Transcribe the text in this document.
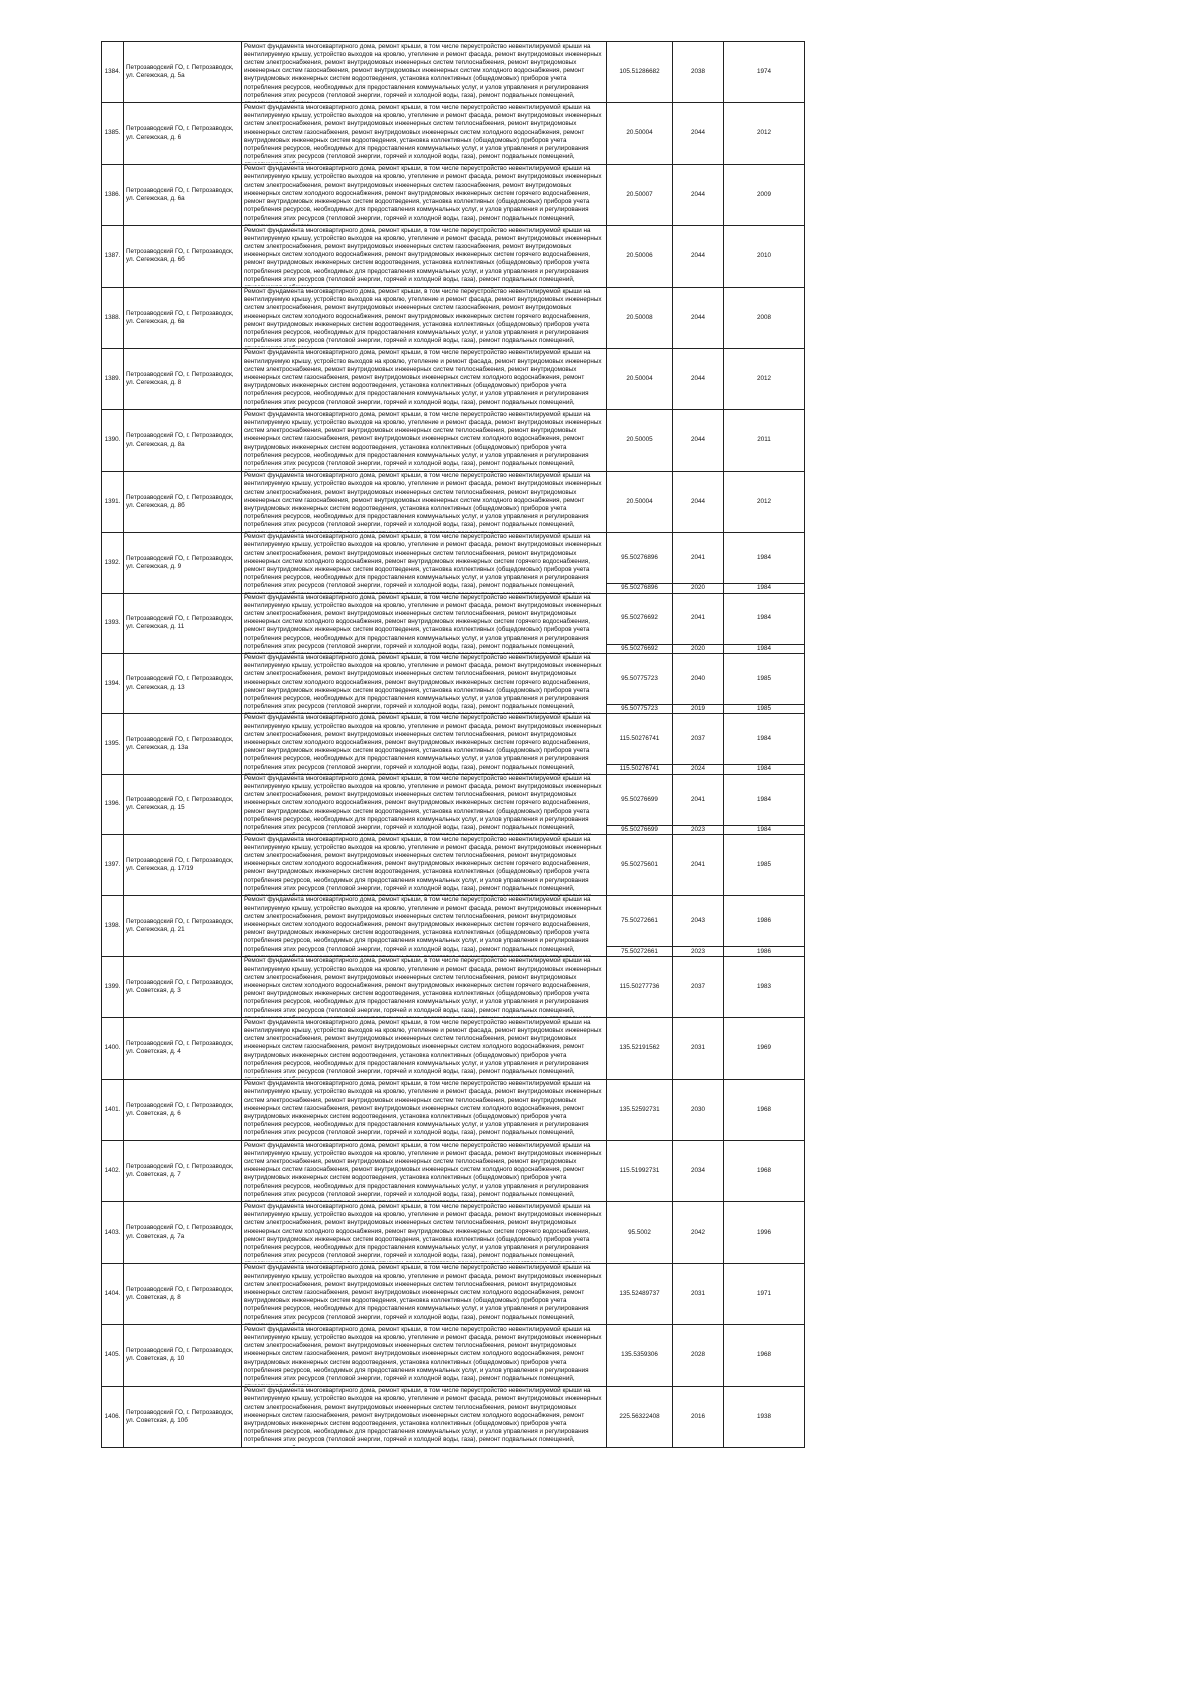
1384.	Петрозаводский ГО, г. Петрозаводск, ул. Сегежская, д. 5а	Ремонт фундамента многоквартирного дома, ремонт крыши, в том числе переустройство невентилируемой крыши на вентилируемую крышу, устройство выходов на кровлю, утепление и ремонт фасада, ремонт внутридомовых инженерных систем электроснабжения, ремонт внутридомовых инженерных систем теплоснабжения, ремонт внутридомовых инженерных систем газоснабжения, ремонт внутридомовых инженерных систем холодного водоснабжения, ремонт внутридомовых инженерных систем водоотведения, установка коллективных (общедомовых) приборов учета потребления ресурсов, необходимых для предоставления коммунальных услуг, и узлов управления и регулирования потребления этих ресурсов (тепловой энергии, горячей и холодной воды, газа), ремонт подвальных помещений,	105.51286682	2038	1974
1385.	Петрозаводский ГО, г. Петрозаводск, ул. Сегежская, д. 6	Ремонт фундамента многоквартирного дома, ремонт крыши, в том числе переустройство невентилируемой крыши на вентилируемую крышу, устройство выходов на кровлю, утепление и ремонт фасада, ремонт внутридомовых инженерных систем электроснабжения, ремонт внутридомовых инженерных систем теплоснабжения, ремонт внутридомовых инженерных систем газоснабжения, ремонт внутридомовых инженерных систем холодного водоснабжения, ремонт внутридомовых инженерных систем водоотведения, установка коллективных (общедомовых) приборов учета потребления ресурсов, необходимых для предоставления коммунальных услуг, и узлов управления и регулирования потребления этих ресурсов (тепловой энергии, горячей и холодной воды, газа), ремонт подвальных помещений,	20.50004	2044	2012
1386.	Петрозаводский ГО, г. Петрозаводск, ул. Сегежская, д. 6а	Ремонт фундамента многоквартирного дома, ремонт крыши, в том числе переустройство невентилируемой крыши на вентилируемую крышу, устройство выходов на кровлю, утепление и ремонт фасада, ремонт внутридомовых инженерных систем электроснабжения, ремонт внутридомовых инженерных систем газоснабжения, ремонт внутридомовых инженерных систем холодного водоснабжения, ремонт внутридомовых инженерных систем горячего водоснабжения, ремонт внутридомовых инженерных систем водоотведения, установка коллективных (общедомовых) приборов учета потребления ресурсов, необходимых для предоставления коммунальных услуг, и узлов управления и регулирования потребления этих ресурсов (тепловой энергии, горячей и холодной воды, газа), ремонт подвальных помещений,	20.50007	2044	2009
1387.	Петрозаводский ГО, г. Петрозаводск, ул. Сегежская, д. 6б	Ремонт фундамента многоквартирного дома, ремонт крыши, в том числе переустройство невентилируемой крыши на вентилируемую крышу, устройство выходов на кровлю, утепление и ремонт фасада, ремонт внутридомовых инженерных систем электроснабжения, ремонт внутридомовых инженерных систем газоснабжения, ремонт внутридомовых инженерных систем холодного водоснабжения, ремонт внутридомовых инженерных систем горячего водоснабжения, ремонт внутридомовых инженерных систем водоотведения, установка коллективных (общедомовых) приборов учета потребления ресурсов, необходимых для предоставления коммунальных услуг, и узлов управления и регулирования потребления этих ресурсов (тепловой энергии, горячей и холодной воды, газа), ремонт подвальных помещений,	20.50006	2044	2010
1388.	Петрозаводский ГО, г. Петрозаводск, ул. Сегежская, д. 6в	Ремонт фундамента многоквартирного дома, ремонт крыши, в том числе переустройство невентилируемой крыши на вентилируемую крышу, устройство выходов на кровлю, утепление и ремонт фасада, ремонт внутридомовых инженерных систем электроснабжения, ремонт внутридомовых инженерных систем газоснабжения, ремонт внутридомовых инженерных систем холодного водоснабжения, ремонт внутридомовых инженерных систем горячего водоснабжения, ремонт внутридомовых инженерных систем водоотведения, установка коллективных (общедомовых) приборов учета потребления ресурсов, необходимых для предоставления коммунальных услуг, и узлов управления и регулирования потребления этих ресурсов (тепловой энергии, горячей и холодной воды, газа), ремонт подвальных помещений,	20.50008	2044	2008
1389.	Петрозаводский ГО, г. Петрозаводск, ул. Сегежская, д. 8	Ремонт фундамента многоквартирного дома, ремонт крыши, в том числе переустройство невентилируемой крыши на вентилируемую крышу, устройство выходов на кровлю, утепление и ремонт фасада, ремонт внутридомовых инженерных систем электроснабжения, ремонт внутридомовых инженерных систем теплоснабжения, ремонт внутридомовых инженерных систем газоснабжения, ремонт внутридомовых инженерных систем холодного водоснабжения, ремонт внутридомовых инженерных систем водоотведения, установка коллективных (общедомовых) приборов учета потребления ресурсов, необходимых для предоставления коммунальных услуг, и узлов управления и регулирования потребления этих ресурсов (тепловой энергии, горячей и холодной воды, газа), ремонт подвальных помещений,	20.50004	2044	2012
1390.	Петрозаводский ГО, г. Петрозаводск, ул. Сегежская, д. 8а	Ремонт фундамента многоквартирного дома, ремонт крыши, в том числе переустройство невентилируемой крыши на вентилируемую крышу, устройство выходов на кровлю, утепление и ремонт фасада, ремонт внутридомовых инженерных систем электроснабжения, ремонт внутридомовых инженерных систем теплоснабжения, ремонт внутридомовых инженерных систем газоснабжения, ремонт внутридомовых инженерных систем холодного водоснабжения, ремонт внутридомовых инженерных систем водоотведения, установка коллективных (общедомовых) приборов учета потребления ресурсов, необходимых для предоставления коммунальных услуг, и узлов управления и регулирования потребления этих ресурсов (тепловой энергии, горячей и холодной воды, газа), ремонт подвальных помещений,	20.50005	2044	2011
1391.	Петрозаводский ГО, г. Петрозаводск, ул. Сегежская, д. 8б	Ремонт фундамента многоквартирного дома, ремонт крыши, в том числе переустройство невентилируемой крыши на вентилируемую крышу, устройство выходов на кровлю, утепление и ремонт фасада, ремонт внутридомовых инженерных систем электроснабжения, ремонт внутридомовых инженерных систем теплоснабжения, ремонт внутридомовых инженерных систем газоснабжения, ремонт внутридомовых инженерных систем холодного водоснабжения, ремонт внутридомовых инженерных систем водоотведения, установка коллективных (общедомовых) приборов учета потребления ресурсов, необходимых для предоставления коммунальных услуг, и узлов управления и регулирования потребления этих ресурсов (тепловой энергии, горячей и холодной воды, газа), ремонт подвальных помещений,	20.50004	2044	2012
1392.	Петрозаводский ГО, г. Петрозаводск, ул. Сегежская, д. 9	Ремонт фундамента многоквартирного дома, ремонт крыши, в том числе переустройство невентилируемой крыши на вентилируемую крышу, устройство выходов на кровлю, утепление и ремонт фасада, ремонт внутридомовых инженерных систем электроснабжения, ремонт внутридомовых инженерных систем теплоснабжения, ремонт внутридомовых инженерных систем холодного водоснабжения, ремонт внутридомовых инженерных систем горячего водоснабжения, ремонт внутридомовых инженерных систем водоотведения, установка коллективных (общедомовых) приборов учета потребления ресурсов, необходимых для предоставления коммунальных услуг, и узлов управления и регулирования потребления этих ресурсов (тепловой энергии, горячей и холодной воды, газа), ремонт подвальных помещений,	95.50276896	2041	1984
			95.50276896	2020	1984
1393.	Петрозаводский ГО, г. Петрозаводск, ул. Сегежская, д. 11	Ремонт фундамента многоквартирного дома, ремонт крыши, в том числе переустройство невентилируемой крыши на вентилируемую крышу, устройство выходов на кровлю, утепление и ремонт фасада, ремонт внутридомовых инженерных систем электроснабжения, ремонт внутридомовых инженерных систем теплоснабжения, ремонт внутридомовых инженерных систем холодного водоснабжения, ремонт внутридомовых инженерных систем горячего водоснабжения, ремонт внутридомовых инженерных систем водоотведения, установка коллективных (общедомовых) приборов учета потребления ресурсов, необходимых для предоставления коммунальных услуг, и узлов управления и регулирования потребления этих ресурсов (тепловой энергии, горячей и холодной воды, газа), ремонт подвальных помещений,	95.50276692	2041	1984
			95.50276692	2020	1984
1394.	Петрозаводский ГО, г. Петрозаводск, ул. Сегежская, д. 13	Ремонт фундамента многоквартирного дома, ремонт крыши, в том числе переустройство невентилируемой крыши на вентилируемую крышу, устройство выходов на кровлю, утепление и ремонт фасада, ремонт внутридомовых инженерных систем электроснабжения, ремонт внутридомовых инженерных систем теплоснабжения, ремонт внутридомовых инженерных систем холодного водоснабжения, ремонт внутридомовых инженерных систем горячего водоснабжения, ремонт внутридомовых инженерных систем водоотведения, установка коллективных (общедомовых) приборов учета потребления ресурсов, необходимых для предоставления коммунальных услуг, и узлов управления и регулирования потребления этих ресурсов (тепловой энергии, горячей и холодной воды, газа), ремонт подвальных помещений,	95.50775723	2040	1985
			95.50775723	2019	1985
1395.	Петрозаводский ГО, г. Петрозаводск, ул. Сегежская, д. 13а	Ремонт фундамента многоквартирного дома, ремонт крыши, в том числе переустройство невентилируемой крыши на вентилируемую крышу, устройство выходов на кровлю, утепление и ремонт фасада, ремонт внутридомовых инженерных систем электроснабжения, ремонт внутридомовых инженерных систем теплоснабжения, ремонт внутридомовых инженерных систем холодного водоснабжения, ремонт внутридомовых инженерных систем горячего водоснабжения, ремонт внутридомовых инженерных систем водоотведения, установка коллективных (общедомовых) приборов учета потребления ресурсов, необходимых для предоставления коммунальных услуг, и узлов управления и регулирования потребления этих ресурсов (тепловой энергии, горячей и холодной воды, газа), ремонт подвальных помещений,	115.50276741	2037	1984
			115.50276741	2024	1984
1396.	Петрозаводский ГО, г. Петрозаводск, ул. Сегежская, д. 15	Ремонт фундамента многоквартирного дома, ремонт крыши, в том числе переустройство невентилируемой крыши на вентилируемую крышу, устройство выходов на кровлю, утепление и ремонт фасада, ремонт внутридомовых инженерных систем электроснабжения, ремонт внутридомовых инженерных систем теплоснабжения, ремонт внутридомовых инженерных систем холодного водоснабжения, ремонт внутридомовых инженерных систем горячего водоснабжения, ремонт внутридомовых инженерных систем водоотведения, установка коллективных (общедомовых) приборов учета потребления ресурсов, необходимых для предоставления коммунальных услуг, и узлов управления и регулирования потребления этих ресурсов (тепловой энергии, горячей и холодной воды, газа), ремонт подвальных помещений,	95.50276699	2041	1984
			95.50276699	2023	1984
1397.	Петрозаводский ГО, г. Петрозаводск, ул. Сегежская, д. 17/19	Ремонт фундамента многоквартирного дома, ремонт крыши, в том числе переустройство невентилируемой крыши на вентилируемую крышу, устройство выходов на кровлю, утепление и ремонт фасада, ремонт внутридомовых инженерных систем электроснабжения, ремонт внутридомовых инженерных систем теплоснабжения, ремонт внутридомовых инженерных систем холодного водоснабжения, ремонт внутридомовых инженерных систем горячего водоснабжения, ремонт внутридомовых инженерных систем водоотведения, установка коллективных (общедомовых) приборов учета потребления ресурсов, необходимых для предоставления коммунальных услуг, и узлов управления и регулирования потребления этих ресурсов (тепловой энергии, горячей и холодной воды, газа), ремонт подвальных помещений,	95.50275601	2041	1985
1398.	Петрозаводский ГО, г. Петрозаводск, ул. Сегежская, д. 21	Ремонт фундамента многоквартирного дома, ремонт крыши, в том числе переустройство невентилируемой крыши на вентилируемую крышу, устройство выходов на кровлю, утепление и ремонт фасада, ремонт внутридомовых инженерных систем электроснабжения, ремонт внутридомовых инженерных систем теплоснабжения, ремонт внутридомовых инженерных систем холодного водоснабжения, ремонт внутридомовых инженерных систем горячего водоснабжения, ремонт внутридомовых инженерных систем водоотведения, установка коллективных (общедомовых) приборов учета потребления ресурсов, необходимых для предоставления коммунальных услуг, и узлов управления и регулирования потребления этих ресурсов (тепловой энергии, горячей и холодной воды, газа), ремонт подвальных помещений,	75.50272661	2043	1986
			75.50272661	2023	1986
1399.	Петрозаводский ГО, г. Петрозаводск, ул. Советская, д. 3	Ремонт фундамента многоквартирного дома, ремонт крыши, в том числе переустройство невентилируемой крыши на вентилируемую крышу, устройство выходов на кровлю, утепление и ремонт фасада, ремонт внутридомовых инженерных систем электроснабжения, ремонт внутридомовых инженерных систем теплоснабжения, ремонт внутридомовых инженерных систем холодного водоснабжения, ремонт внутридомовых инженерных систем горячего водоснабжения, ремонт внутридомовых инженерных систем водоотведения, установка коллективных (общедомовых) приборов учета потребления ресурсов, необходимых для предоставления коммунальных услуг, и узлов управления и регулирования потребления этих ресурсов (тепловой энергии, горячей и холодной воды, газа), ремонт подвальных помещений,	115.50277736	2037	1983
1400.	Петрозаводский ГО, г. Петрозаводск, ул. Советская, д. 4	Ремонт фундамента многоквартирного дома, ремонт крыши, в том числе переустройство невентилируемой крыши на вентилируемую крышу, устройство выходов на кровлю, утепление и ремонт фасада, ремонт внутридомовых инженерных систем электроснабжения, ремонт внутридомовых инженерных систем теплоснабжения, ремонт внутридомовых инженерных систем газоснабжения, ремонт внутридомовых инженерных систем холодного водоснабжения, ремонт внутридомовых инженерных систем водоотведения, установка коллективных (общедомовых) приборов учета потребления ресурсов, необходимых для предоставления коммунальных услуг, и узлов управления и регулирования потребления этих ресурсов (тепловой энергии, горячей и холодной воды, газа), ремонт подвальных помещений,	135.52191562	2031	1969
1401.	Петрозаводский ГО, г. Петрозаводск, ул. Советская, д. 6	Ремонт фундамента многоквартирного дома, ремонт крыши, в том числе переустройство невентилируемой крыши на вентилируемую крышу, устройство выходов на кровлю, утепление и ремонт фасада, ремонт внутридомовых инженерных систем электроснабжения, ремонт внутридомовых инженерных систем теплоснабжения, ремонт внутридомовых инженерных систем газоснабжения, ремонт внутридомовых инженерных систем холодного водоснабжения, ремонт внутридомовых инженерных систем водоотведения, установка коллективных (общедомовых) приборов учета потребления ресурсов, необходимых для предоставления коммунальных услуг, и узлов управления и регулирования потребления этих ресурсов (тепловой энергии, горячей и холодной воды, газа), ремонт подвальных помещений,	135.52592731	2030	1968
1402.	Петрозаводский ГО, г. Петрозаводск, ул. Советская, д. 7	Ремонт фундамента многоквартирного дома, ремонт крыши, в том числе переустройство невентилируемой крыши на вентилируемую крышу, устройство выходов на кровлю, утепление и ремонт фасада, ремонт внутридомовых инженерных систем электроснабжения, ремонт внутридомовых инженерных систем теплоснабжения, ремонт внутридомовых инженерных систем газоснабжения, ремонт внутридомовых инженерных систем холодного водоснабжения, ремонт внутридомовых инженерных систем водоотведения, установка коллективных (общедомовых) приборов учета потребления ресурсов, необходимых для предоставления коммунальных услуг, и узлов управления и регулирования потребления этих ресурсов (тепловой энергии, горячей и холодной воды, газа), ремонт подвальных помещений,	115.51992731	2034	1968
1403.	Петрозаводский ГО, г. Петрозаводск, ул. Советская, д. 7а	Ремонт фундамента многоквартирного дома, ремонт крыши, в том числе переустройство невентилируемой крыши на вентилируемую крышу, устройство выходов на кровлю, утепление и ремонт фасада, ремонт внутридомовых инженерных систем электроснабжения, ремонт внутридомовых инженерных систем теплоснабжения, ремонт внутридомовых инженерных систем холодного водоснабжения, ремонт внутридомовых инженерных систем горячего водоснабжения, ремонт внутридомовых инженерных систем водоотведения, установка коллективных (общедомовых) приборов учета потребления ресурсов, необходимых для предоставления коммунальных услуг, и узлов управления и регулирования потребления этих ресурсов (тепловой энергии, горячей и холодной воды, газа), ремонт подвальных помещений,	95.5002	2042	1996
1404.	Петрозаводский ГО, г. Петрозаводск, ул. Советская, д. 8	Ремонт фундамента многоквартирного дома, ремонт крыши, в том числе переустройство невентилируемой крыши на вентилируемую крышу, устройство выходов на кровлю, утепление и ремонт фасада, ремонт внутридомовых инженерных систем электроснабжения, ремонт внутридомовых инженерных систем теплоснабжения, ремонт внутридомовых инженерных систем газоснабжения, ремонт внутридомовых инженерных систем холодного водоснабжения, ремонт внутридомовых инженерных систем водоотведения, установка коллективных (общедомовых) приборов учета потребления ресурсов, необходимых для предоставления коммунальных услуг, и узлов управления и регулирования потребления этих ресурсов (тепловой энергии, горячей и холодной воды, газа), ремонт подвальных помещений,	135.52489737	2031	1971
1405.	Петрозаводский ГО, г. Петрозаводск, ул. Советская, д. 10	Ремонт фундамента многоквартирного дома, ремонт крыши, в том числе переустройство невентилируемой крыши на вентилируемую крышу, устройство выходов на кровлю, утепление и ремонт фасада, ремонт внутридомовых инженерных систем электроснабжения, ремонт внутридомовых инженерных систем теплоснабжения, ремонт внутридомовых инженерных систем газоснабжения, ремонт внутридомовых инженерных систем холодного водоснабжения, ремонт внутридомовых инженерных систем водоотведения, установка коллективных (общедомовых) приборов учета потребления ресурсов, необходимых для предоставления коммунальных услуг, и узлов управления и регулирования потребления этих ресурсов (тепловой энергии, горячей и холодной воды, газа), ремонт подвальных помещений,	135.5359306	2028	1968
1406.	Петрозаводский ГО, г. Петрозаводск, ул. Советская, д. 10б	Ремонт фундамента многоквартирного дома, ремонт крыши, в том числе переустройство невентилируемой крыши на вентилируемую крышу, устройство выходов на кровлю, утепление и ремонт фасада, ремонт внутридомовых инженерных систем электроснабжения, ремонт внутридомовых инженерных систем теплоснабжения, ремонт внутридомовых инженерных систем газоснабжения, ремонт внутридомовых инженерных систем холодного водоснабжения, ремонт внутридомовых инженерных систем водоотведения, установка коллективных (общедомовых) приборов учета потребления ресурсов, необходимых для предоставления коммунальных услуг, и узлов управления и регулирования потребления этих ресурсов (тепловой энергии, горячей и холодной воды, газа), ремонт подвальных помещений,	225.56322408	2016	1938
